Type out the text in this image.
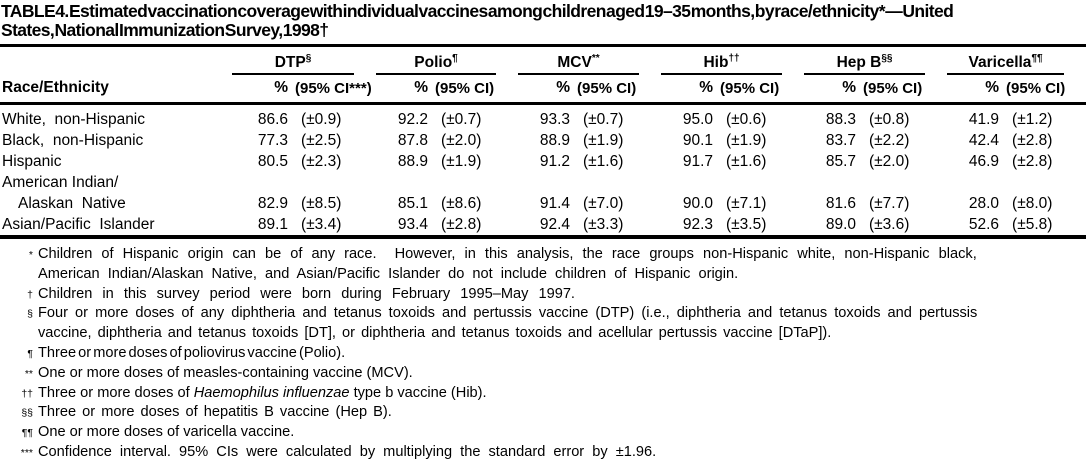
TABLE 4. Estimated vaccination coverage with individual vaccines among children aged 19–35 months, by race/ethnicity* — United
States, National Immunization Survey, 1998†
Race/Ethnicity	DTP§		Polio¶		MCV**		Hib††		Hep B§§		Varicella¶¶

	%	(95% CI***)	%	(95% CI)	%	(95% CI)	%	(95% CI)	%	(95% CI)	%	(95% CI)
White,  non-Hispanic	86.6	(±0.9)	92.2	(±0.7)	93.3	(±0.7)	95.0	(±0.6)	88.3	(±0.8)	41.9	(±1.2)
Black,  non-Hispanic	77.3	(±2.5)	87.8	(±2.0)	88.9	(±1.9)	90.1	(±1.9)	83.7	(±2.2)	42.4	(±2.8)
Hispanic	80.5	(±2.3)	88.9	(±1.9)	91.2	(±1.6)	91.7	(±1.6)	85.7	(±2.0)	46.9	(±2.8)
American Indian/												
Alaskan  Native	82.9	(±8.5)	85.1	(±8.6)	91.4	(±7.0)	90.0	(±7.1)	81.6	(±7.7)	28.0	(±8.0)
Asian/Pacific  Islander	89.1	(±3.4)	93.4	(±2.8)	92.4	(±3.3)	92.3	(±3.5)	89.0	(±3.6)	52.6	(±5.8)
* Children of Hispanic origin can be of any race.  However, in this analysis, the race groups non-Hispanic white, non-Hispanic black,
American Indian/Alaskan Native, and Asian/Pacific Islander do not include children of Hispanic origin.
† Children in this survey period were born during February 1995–May 1997.
§ Four or more doses of any diphtheria and tetanus toxoids and pertussis vaccine (DTP) (i.e., diphtheria and tetanus toxoids and pertussis
vaccine, diphtheria and tetanus toxoids [DT], or diphtheria and tetanus toxoids and acellular pertussis vaccine [DTaP]).
¶ Three or more doses of poliovirus vaccine (Polio).
** One or more doses of measles-containing vaccine (MCV).
†† Three or more doses of Haemophilus influenzae type b vaccine (Hib).
§§ Three or more doses of hepatitis B vaccine (Hep B).
¶¶ One or more doses of varicella vaccine.
*** Confidence interval. 95% CIs were calculated by multiplying the standard error by ±1.96.
